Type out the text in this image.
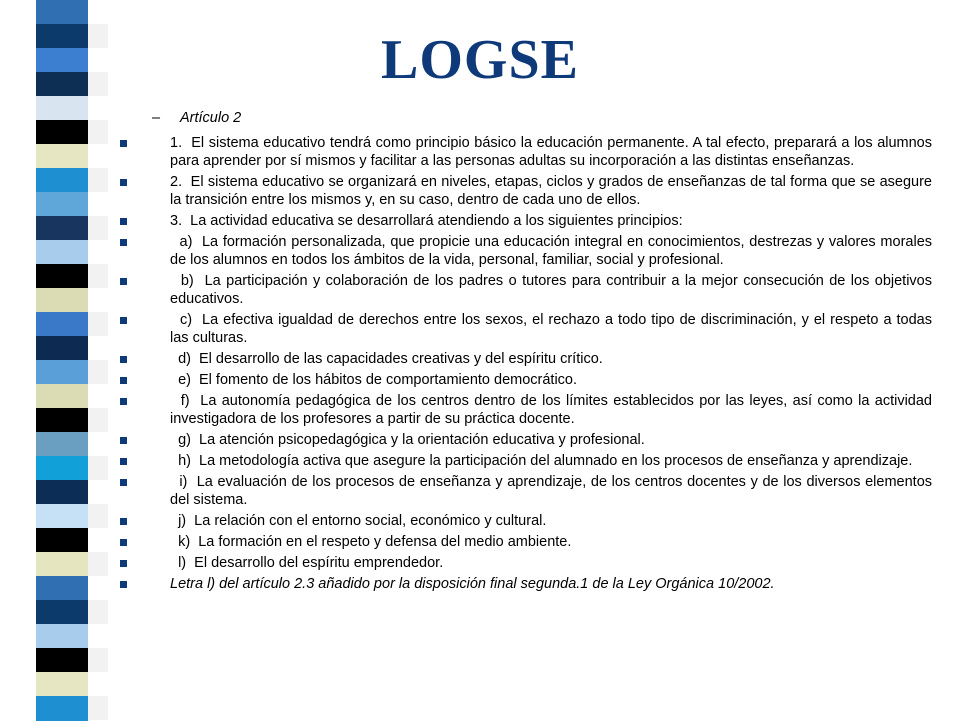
LOGSE
– Artículo 2
1.  El sistema educativo tendrá como principio básico la educación permanente. A tal efecto, preparará a los alumnos para aprender por sí mismos y facilitar a las personas adultas su incorporación a las distintas enseñanzas.
2.  El sistema educativo se organizará en niveles, etapas, ciclos y grados de enseñanzas de tal forma que se asegure la transición entre los mismos y, en su caso, dentro de cada uno de ellos.
3.  La actividad educativa se desarrollará atendiendo a los siguientes principios:
a)  La formación personalizada, que propicie una educación integral en conocimientos, destrezas y valores morales de los alumnos en todos los ámbitos de la vida, personal, familiar, social y profesional.
b)  La participación y colaboración de los padres o tutores para contribuir a la mejor consecución de los objetivos educativos.
c)  La efectiva igualdad de derechos entre los sexos, el rechazo a todo tipo de discriminación, y el respeto a todas las culturas.
d)  El desarrollo de las capacidades creativas y del espíritu crítico.
e)  El fomento de los hábitos de comportamiento democrático.
f)  La autonomía pedagógica de los centros dentro de los límites establecidos por las leyes, así como la actividad investigadora de los profesores a partir de su práctica docente.
g)  La atención psicopedagógica y la orientación educativa y profesional.
h)  La metodología activa que asegure la participación del alumnado en los procesos de enseñanza y aprendizaje.
i)  La evaluación de los procesos de enseñanza y aprendizaje, de los centros docentes y de los diversos elementos del sistema.
j)  La relación con el entorno social, económico y cultural.
k)  La formación en el respeto y defensa del medio ambiente.
l)  El desarrollo del espíritu emprendedor.
Letra l) del artículo 2.3 añadido por la disposición final segunda.1 de la Ley Orgánica 10/2002.
